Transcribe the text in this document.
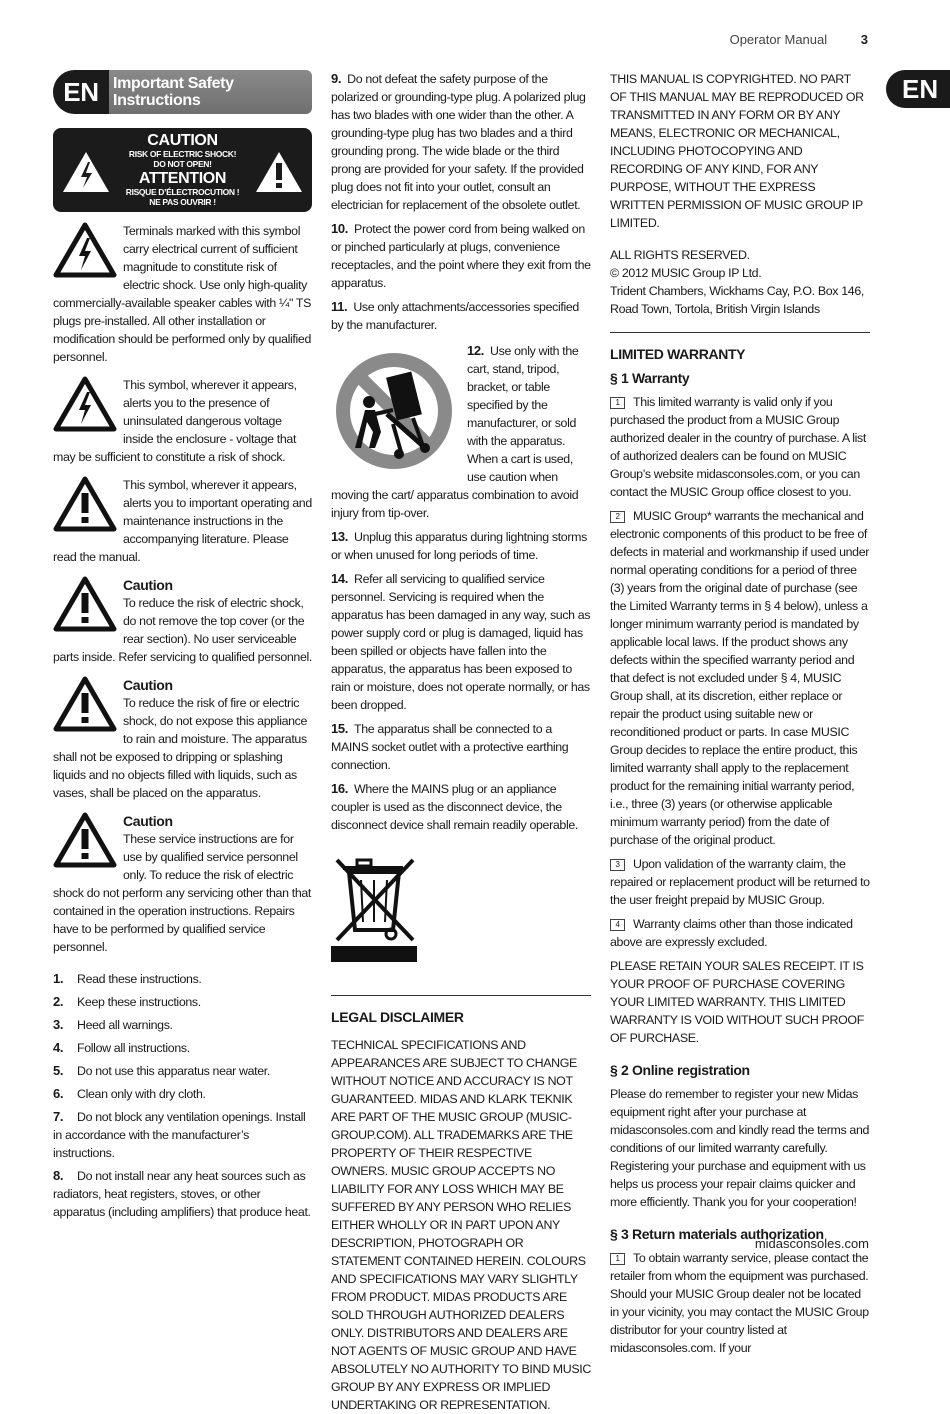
Operator Manual	3
EN
EN Important Safety Instructions
CAUTION
RISK OF ELECTRIC SHOCK!
DO NOT OPEN!
ATTENTION
RISQUE D’ÉLECTROCUTION !
NE PAS OUVRIR !

Terminals marked with this symbol carry electrical current of sufficient magnitude to constitute risk of electric shock. Use only high-quality commercially-available speaker cables with ¼" TS plugs pre-installed. All other installation or modification should be performed only by qualified personnel.

This symbol, wherever it appears, alerts you to the presence of uninsulated dangerous voltage inside the enclosure - voltage that may be sufficient to constitute a risk of shock.

This symbol, wherever it appears, alerts you to important operating and maintenance instructions in the accompanying literature. Please read the manual.

Caution

To reduce the risk of electric shock, do not remove the top cover (or the rear section). No user serviceable parts inside. Refer servicing to qualified personnel.

Caution

To reduce the risk of fire or electric shock, do not expose this appliance to rain and moisture. The apparatus shall not be exposed to dripping or splashing liquids and no objects filled with liquids, such as vases, shall be placed on the apparatus.

Caution

These service instructions are for use by qualified service personnel only. To reduce the risk of electric shock do not perform any servicing other than that contained in the operation instructions. Repairs have to be performed by qualified service personnel.

1. Read these instructions.
2. Keep these instructions.
3. Heed all warnings.
4. Follow all instructions.
5. Do not use this apparatus near water.
6. Clean only with dry cloth.
7. Do not block any ventilation openings. Install in accordance with the manufacturer’s instructions.
8. Do not install near any heat sources such as radiators, heat registers, stoves, or other apparatus (including amplifiers) that produce heat.
9. Do not defeat the safety purpose of the polarized or grounding-type plug. A polarized plug has two blades with one wider than the other. A grounding-type plug has two blades and a third grounding prong. The wide blade or the third prong are provided for your safety. If the provided plug does not fit into your outlet, consult an electrician for replacement of the obsolete outlet.
10. Protect the power cord from being walked on or pinched particularly at plugs, convenience receptacles, and the point where they exit from the apparatus.
11. Use only attachments/accessories specified by the manufacturer.
12. Use only with the cart, stand, tripod, bracket, or table specified by the manufacturer, or sold with the apparatus. When a cart is used, use caution when moving the cart/ apparatus combination to avoid injury from tip-over.
13. Unplug this apparatus during lightning storms or when unused for long periods of time.
14. Refer all servicing to qualified service personnel. Servicing is required when the apparatus has been damaged in any way, such as power supply cord or plug is damaged, liquid has been spilled or objects have fallen into the apparatus, the apparatus has been exposed to rain or moisture, does not operate normally, or has been dropped.
15. The apparatus shall be connected to a MAINS socket outlet with a protective earthing connection.
16. Where the MAINS plug or an appliance coupler is used as the disconnect device, the disconnect device shall remain readily operable.
LEGAL DISCLAIMER
TECHNICAL SPECIFICATIONS AND APPEARANCES ARE SUBJECT TO CHANGE WITHOUT NOTICE AND ACCURACY IS NOT GUARANTEED. MIDAS AND KLARK TEKNIK ARE PART OF THE MUSIC GROUP (MUSIC-GROUP.COM). ALL TRADEMARKS ARE THE PROPERTY OF THEIR RESPECTIVE OWNERS. MUSIC GROUP ACCEPTS NO LIABILITY FOR ANY LOSS WHICH MAY BE SUFFERED BY ANY PERSON WHO RELIES EITHER WHOLLY OR IN PART UPON ANY DESCRIPTION, PHOTOGRAPH OR STATEMENT CONTAINED HEREIN. COLOURS AND SPECIFICATIONS MAY VARY SLIGHTLY FROM PRODUCT. MIDAS PRODUCTS ARE SOLD THROUGH AUTHORIZED DEALERS ONLY. DISTRIBUTORS AND DEALERS ARE NOT AGENTS OF MUSIC GROUP AND HAVE ABSOLUTELY NO AUTHORITY TO BIND MUSIC GROUP BY ANY EXPRESS OR IMPLIED UNDERTAKING OR REPRESENTATION.
THIS MANUAL IS COPYRIGHTED. NO PART OF THIS MANUAL MAY BE REPRODUCED OR TRANSMITTED IN ANY FORM OR BY ANY MEANS, ELECTRONIC OR MECHANICAL, INCLUDING PHOTOCOPYING AND RECORDING OF ANY KIND, FOR ANY PURPOSE, WITHOUT THE EXPRESS WRITTEN PERMISSION OF MUSIC GROUP IP LIMITED.
ALL RIGHTS RESERVED.
© 2012 MUSIC Group IP Ltd.
Trident Chambers, Wickhams Cay, P.O. Box 146,
Road Town, Tortola, British Virgin Islands
LIMITED WARRANTY
§ 1 Warranty
1 This limited warranty is valid only if you purchased the product from a MUSIC Group authorized dealer in the country of purchase. A list of authorized dealers can be found on MUSIC Group’s website midasconsoles.com, or you can contact the MUSIC Group office closest to you.
2 MUSIC Group* warrants the mechanical and electronic components of this product to be free of defects in material and workmanship if used under normal operating conditions for a period of three (3) years from the original date of purchase (see the Limited Warranty terms in § 4 below), unless a longer minimum warranty period is mandated by applicable local laws. If the product shows any defects within the specified warranty period and that defect is not excluded under § 4, MUSIC Group shall, at its discretion, either replace or repair the product using suitable new or reconditioned product or parts. In case MUSIC Group decides to replace the entire product, this limited warranty shall apply to the replacement product for the remaining initial warranty period, i.e., three (3) years (or otherwise applicable minimum warranty period) from the date of purchase of the original product.
3 Upon validation of the warranty claim, the repaired or replacement product will be returned to the user freight prepaid by MUSIC Group.
4 Warranty claims other than those indicated above are expressly excluded.
PLEASE RETAIN YOUR SALES RECEIPT. IT IS YOUR PROOF OF PURCHASE COVERING YOUR LIMITED WARRANTY. THIS LIMITED WARRANTY IS VOID WITHOUT SUCH PROOF OF PURCHASE.
§ 2 Online registration
Please do remember to register your new Midas equipment right after your purchase at midasconsoles.com and kindly read the terms and conditions of our limited warranty carefully. Registering your purchase and equipment with us helps us process your repair claims quicker and more efficiently. Thank you for your cooperation!
§ 3 Return materials authorization
1 To obtain warranty service, please contact the retailer from whom the equipment was purchased. Should your MUSIC Group dealer not be located in your vicinity, you may contact the MUSIC Group distributor for your country listed at midasconsoles.com. If your
midasconsoles.com
